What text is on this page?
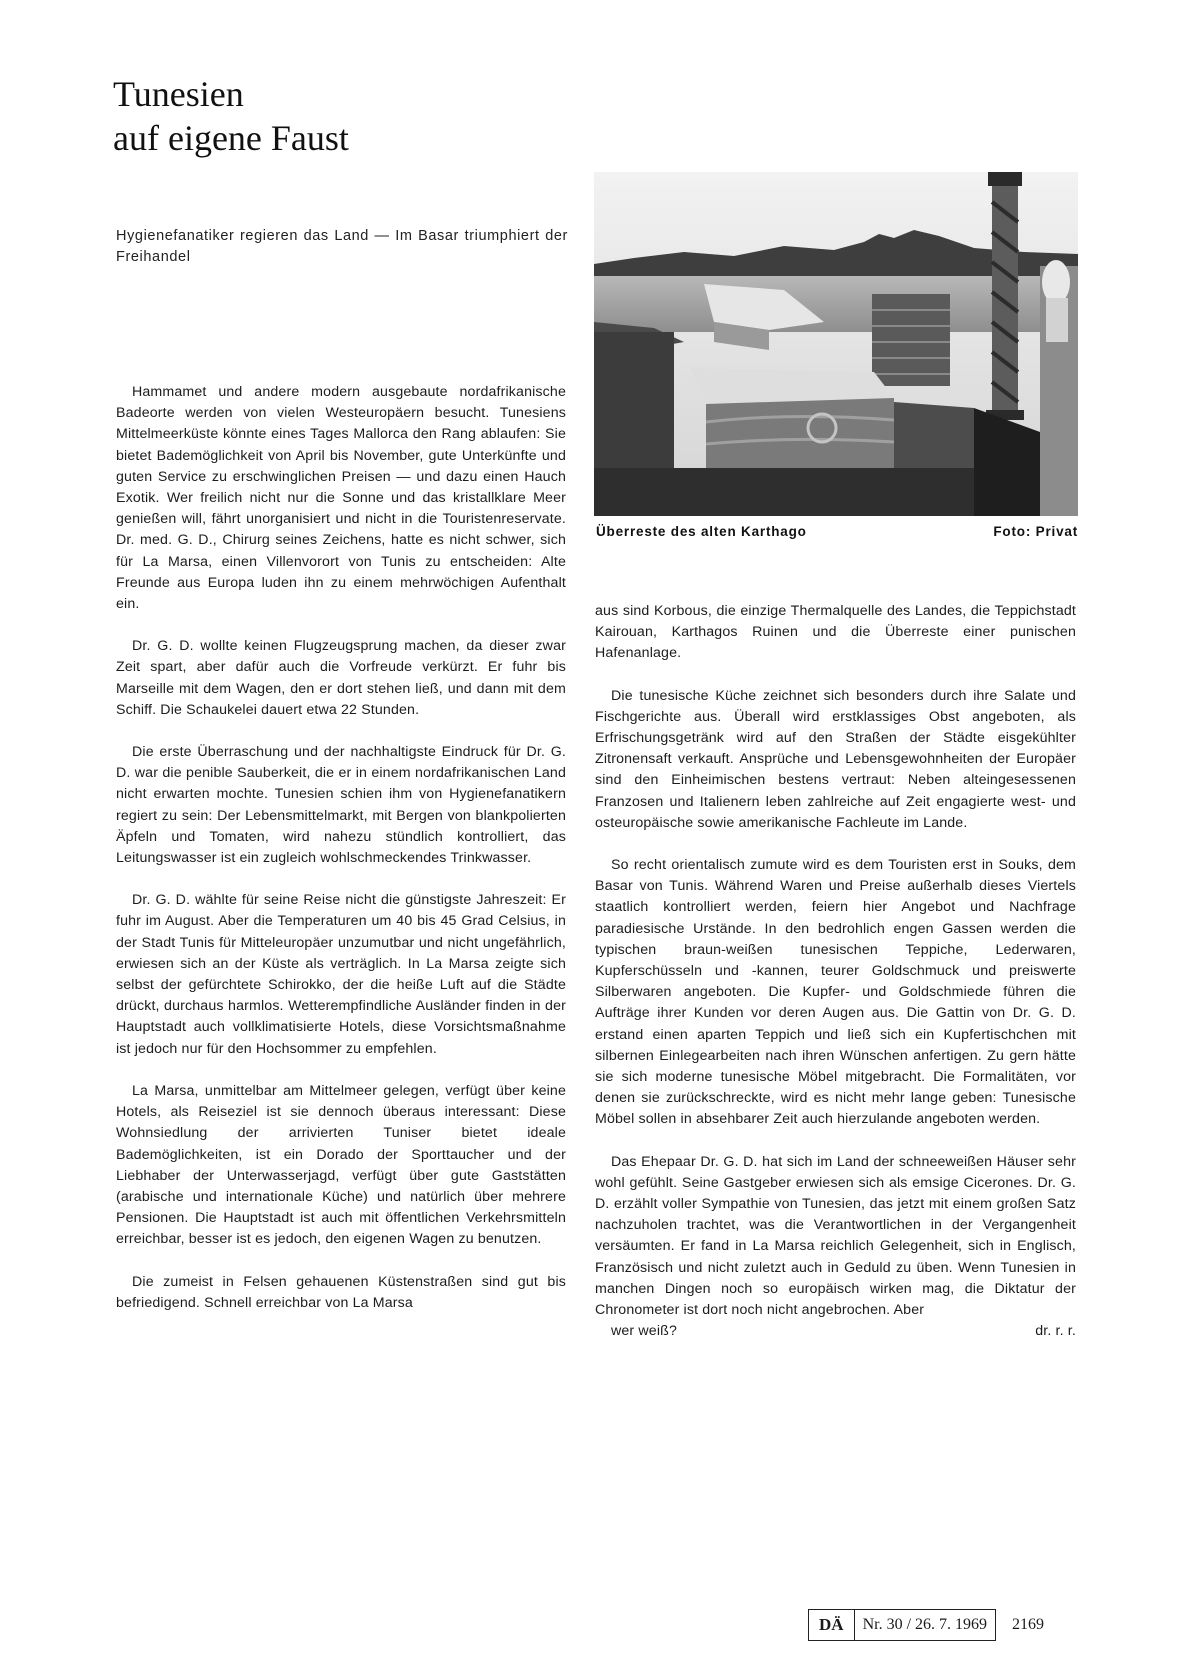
Tunesien
auf eigene Faust

Hygienefanatiker regieren das Land — Im Basar triumphiert der Freihandel

Hammamet und andere modern ausgebaute nordafrikanische Badeorte werden von vielen Westeuropäern besucht. Tunesiens Mittelmeerküste könnte eines Tages Mallorca den Rang ablaufen: Sie bietet Bademöglichkeit von April bis November, gute Unterkünfte und guten Service zu erschwinglichen Preisen — und dazu einen Hauch Exotik. Wer freilich nicht nur die Sonne und das kristallklare Meer genießen will, fährt unorganisiert und nicht in die Touristenreservate. Dr. med. G. D., Chirurg seines Zeichens, hatte es nicht schwer, sich für La Marsa, einen Villenvorort von Tunis zu entscheiden: Alte Freunde aus Europa luden ihn zu einem mehrwöchigen Aufenthalt ein.

Dr. G. D. wollte keinen Flugzeugsprung machen, da dieser zwar Zeit spart, aber dafür auch die Vorfreude verkürzt. Er fuhr bis Marseille mit dem Wagen, den er dort stehen ließ, und dann mit dem Schiff. Die Schaukelei dauert etwa 22 Stunden.

Die erste Überraschung und der nachhaltigste Eindruck für Dr. G. D. war die penible Sauberkeit, die er in einem nordafrikanischen Land nicht erwarten mochte. Tunesien schien ihm von Hygienefanatikern regiert zu sein: Der Lebensmittelmarkt, mit Bergen von blankpolierten Äpfeln und Tomaten, wird nahezu stündlich kontrolliert, das Leitungswasser ist ein zugleich wohlschmeckendes Trinkwasser.

Dr. G. D. wählte für seine Reise nicht die günstigste Jahreszeit: Er fuhr im August. Aber die Temperaturen um 40 bis 45 Grad Celsius, in der Stadt Tunis für Mitteleuropäer unzumutbar und nicht ungefährlich, erwiesen sich an der Küste als verträglich. In La Marsa zeigte sich selbst der gefürchtete Schirokko, der die heiße Luft auf die Städte drückt, durchaus harmlos. Wetterempfindliche Ausländer finden in der Hauptstadt auch vollklimatisierte Hotels, diese Vorsichtsmaßnahme ist jedoch nur für den Hochsommer zu empfehlen.

La Marsa, unmittelbar am Mittelmeer gelegen, verfügt über keine Hotels, als Reiseziel ist sie dennoch überaus interessant: Diese Wohnsiedlung der arrivierten Tuniser bietet ideale Bademöglichkeiten, ist ein Dorado der Sporttaucher und der Liebhaber der Unterwasserjagd, verfügt über gute Gaststätten (arabische und internationale Küche) und natürlich über mehrere Pensionen. Die Hauptstadt ist auch mit öffentlichen Verkehrsmitteln erreichbar, besser ist es jedoch, den eigenen Wagen zu benutzen.

Die zumeist in Felsen gehauenen Küstenstraßen sind gut bis befriedigend. Schnell erreichbar von La Marsa

Überreste des alten Karthago	Foto: Privat

aus sind Korbous, die einzige Thermalquelle des Landes, die Teppichstadt Kairouan, Karthagos Ruinen und die Überreste einer punischen Hafenanlage.

Die tunesische Küche zeichnet sich besonders durch ihre Salate und Fischgerichte aus. Überall wird erstklassiges Obst angeboten, als Erfrischungsgetränk wird auf den Straßen der Städte eisgekühlter Zitronensaft verkauft. Ansprüche und Lebensgewohnheiten der Europäer sind den Einheimischen bestens vertraut: Neben alteingesessenen Franzosen und Italienern leben zahlreiche auf Zeit engagierte west- und osteuropäische sowie amerikanische Fachleute im Lande.

So recht orientalisch zumute wird es dem Touristen erst in Souks, dem Basar von Tunis. Während Waren und Preise außerhalb dieses Viertels staatlich kontrolliert werden, feiern hier Angebot und Nachfrage paradiesische Urstände. In den bedrohlich engen Gassen werden die typischen braun-weißen tunesischen Teppiche, Lederwaren, Kupferschüsseln und -kannen, teurer Goldschmuck und preiswerte Silberwaren angeboten. Die Kupfer- und Goldschmiede führen die Aufträge ihrer Kunden vor deren Augen aus. Die Gattin von Dr. G. D. erstand einen aparten Teppich und ließ sich ein Kupfertischchen mit silbernen Einlegearbeiten nach ihren Wünschen anfertigen. Zu gern hätte sie sich moderne tunesische Möbel mitgebracht. Die Formalitäten, vor denen sie zurückschreckte, wird es nicht mehr lange geben: Tunesische Möbel sollen in absehbarer Zeit auch hierzulande angeboten werden.

Das Ehepaar Dr. G. D. hat sich im Land der schneeweißen Häuser sehr wohl gefühlt. Seine Gastgeber erwiesen sich als emsige Cicerones. Dr. G. D. erzählt voller Sympathie von Tunesien, das jetzt mit einem großen Satz nachzuholen trachtet, was die Verantwortlichen in der Vergangenheit versäumten. Er fand in La Marsa reichlich Gelegenheit, sich in Englisch, Französisch und nicht zuletzt auch in Geduld zu üben. Wenn Tunesien in manchen Dingen noch so europäisch wirken mag, die Diktatur der Chronometer ist dort noch nicht angebrochen. Aber

wer weiß?	dr. r. r.

DÄ	Nr. 30 / 26. 7. 1969	2169
